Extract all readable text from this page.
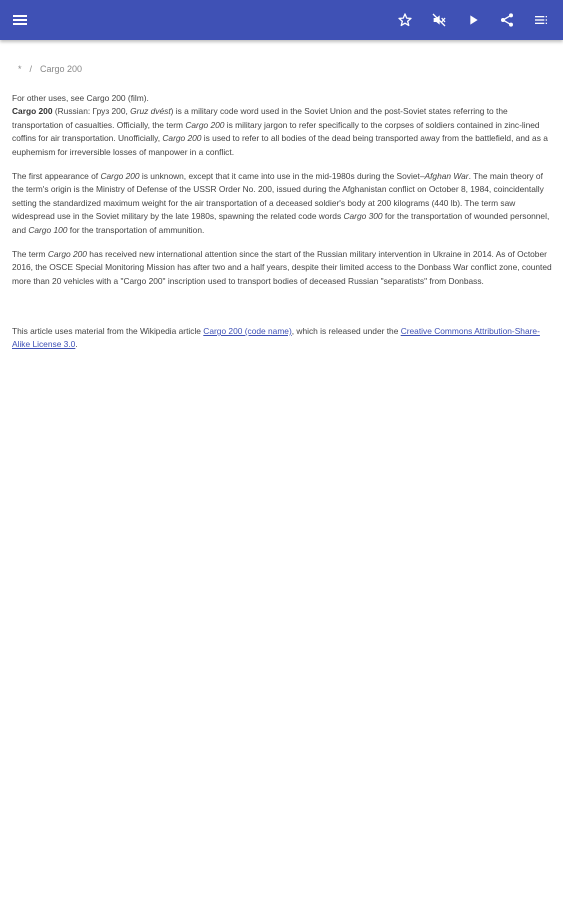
* / Cargo 200

For other uses, see Cargo 200 (film).

Cargo 200 (Russian: Груз 200, Gruz dvést) is a military code word used in the Soviet Union and the post-Soviet states referring to the transportation of casualties. Officially, the term Cargo 200 is military jargon to refer specifically to the corpses of soldiers contained in zinc-lined coffins for air transportation. Unofficially, Cargo 200 is used to refer to all bodies of the dead being transported away from the battlefield, and as a euphemism for irreversible losses of manpower in a conflict.

The first appearance of Cargo 200 is unknown, except that it came into use in the mid-1980s during the Soviet–Afghan War. The main theory of the term's origin is the Ministry of Defense of the USSR Order No. 200, issued during the Afghanistan conflict on October 8, 1984, coincidentally setting the standardized maximum weight for the air transportation of a deceased soldier's body at 200 kilograms (440 lb). The term saw widespread use in the Soviet military by the late 1980s, spawning the related code words Cargo 300 for the transportation of wounded personnel, and Cargo 100 for the transportation of ammunition.

The term Cargo 200 has received new international attention since the start of the Russian military intervention in Ukraine in 2014. As of October 2016, the OSCE Special Monitoring Mission has after two and a half years, despite their limited access to the Donbass War conflict zone, counted more than 20 vehicles with a "Cargo 200" inscription used to transport bodies of deceased Russian "separatists" from Donbass.

This article uses material from the Wikipedia article Cargo 200 (code name), which is released under the Creative Commons Attribution-Share-Alike License 3.0.
